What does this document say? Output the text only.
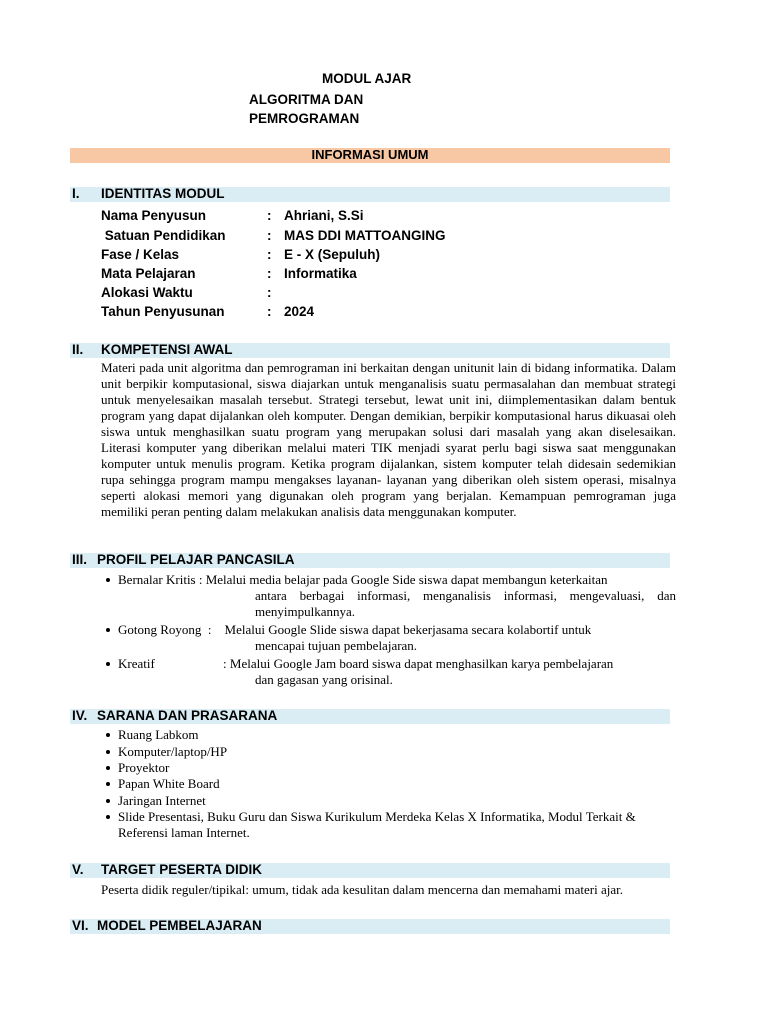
MODUL AJAR
ALGORITMA DAN
PEMROGRAMAN
INFORMASI UMUM
I. IDENTITAS MODUL
Nama Penyusun	: Ahriani, S.Si
Satuan Pendidikan	: MAS DDI MATTOANGING
Fase / Kelas	: E - X (Sepuluh)
Mata Pelajaran	: Informatika
Alokasi Waktu	:
Tahun Penyusunan	: 2024
II. KOMPETENSI AWAL
Materi pada unit algoritma dan pemrograman ini berkaitan dengan unitunit lain di bidang informatika. Dalam unit berpikir komputasional, siswa diajarkan untuk menganalisis suatu permasalahan dan membuat strategi untuk menyelesaikan masalah tersebut. Strategi tersebut, lewat unit ini, diimplementasikan dalam bentuk program yang dapat dijalankan oleh komputer. Dengan demikian, berpikir komputasional harus dikuasai oleh siswa untuk menghasilkan suatu program yang merupakan solusi dari masalah yang akan diselesaikan. Literasi komputer yang diberikan melalui materi TIK menjadi syarat perlu bagi siswa saat menggunakan komputer untuk menulis program. Ketika program dijalankan, sistem komputer telah didesain sedemikian rupa sehingga program mampu mengakses layanan- layanan yang diberikan oleh sistem operasi, misalnya seperti alokasi memori yang digunakan oleh program yang berjalan. Kemampuan pemrograman juga memiliki peran penting dalam melakukan analisis data menggunakan komputer.
III. PROFIL PELAJAR PANCASILA
Bernalar Kritis : Melalui media belajar pada Google Side siswa dapat membangun keterkaitan
antara berbagai informasi, menganalisis informasi, mengevaluasi, dan menyimpulkannya.
Gotong Royong  :    Melalui Google Slide siswa dapat bekerjasama secara kolabortif untuk
mencapai tujuan pembelajaran.
Kreatif                     : Melalui Google Jam board siswa dapat menghasilkan karya pembelajaran
dan gagasan yang orisinal.
IV. SARANA DAN PRASARANA
Ruang Labkom
Komputer/laptop/HP
Proyektor
Papan White Board
Jaringan Internet
Slide Presentasi, Buku Guru dan Siswa Kurikulum Merdeka Kelas X Informatika, Modul Terkait & Referensi laman Internet.
V. TARGET PESERTA DIDIK
Peserta didik reguler/tipikal: umum, tidak ada kesulitan dalam mencerna dan memahami materi ajar.
VI. MODEL PEMBELAJARAN
